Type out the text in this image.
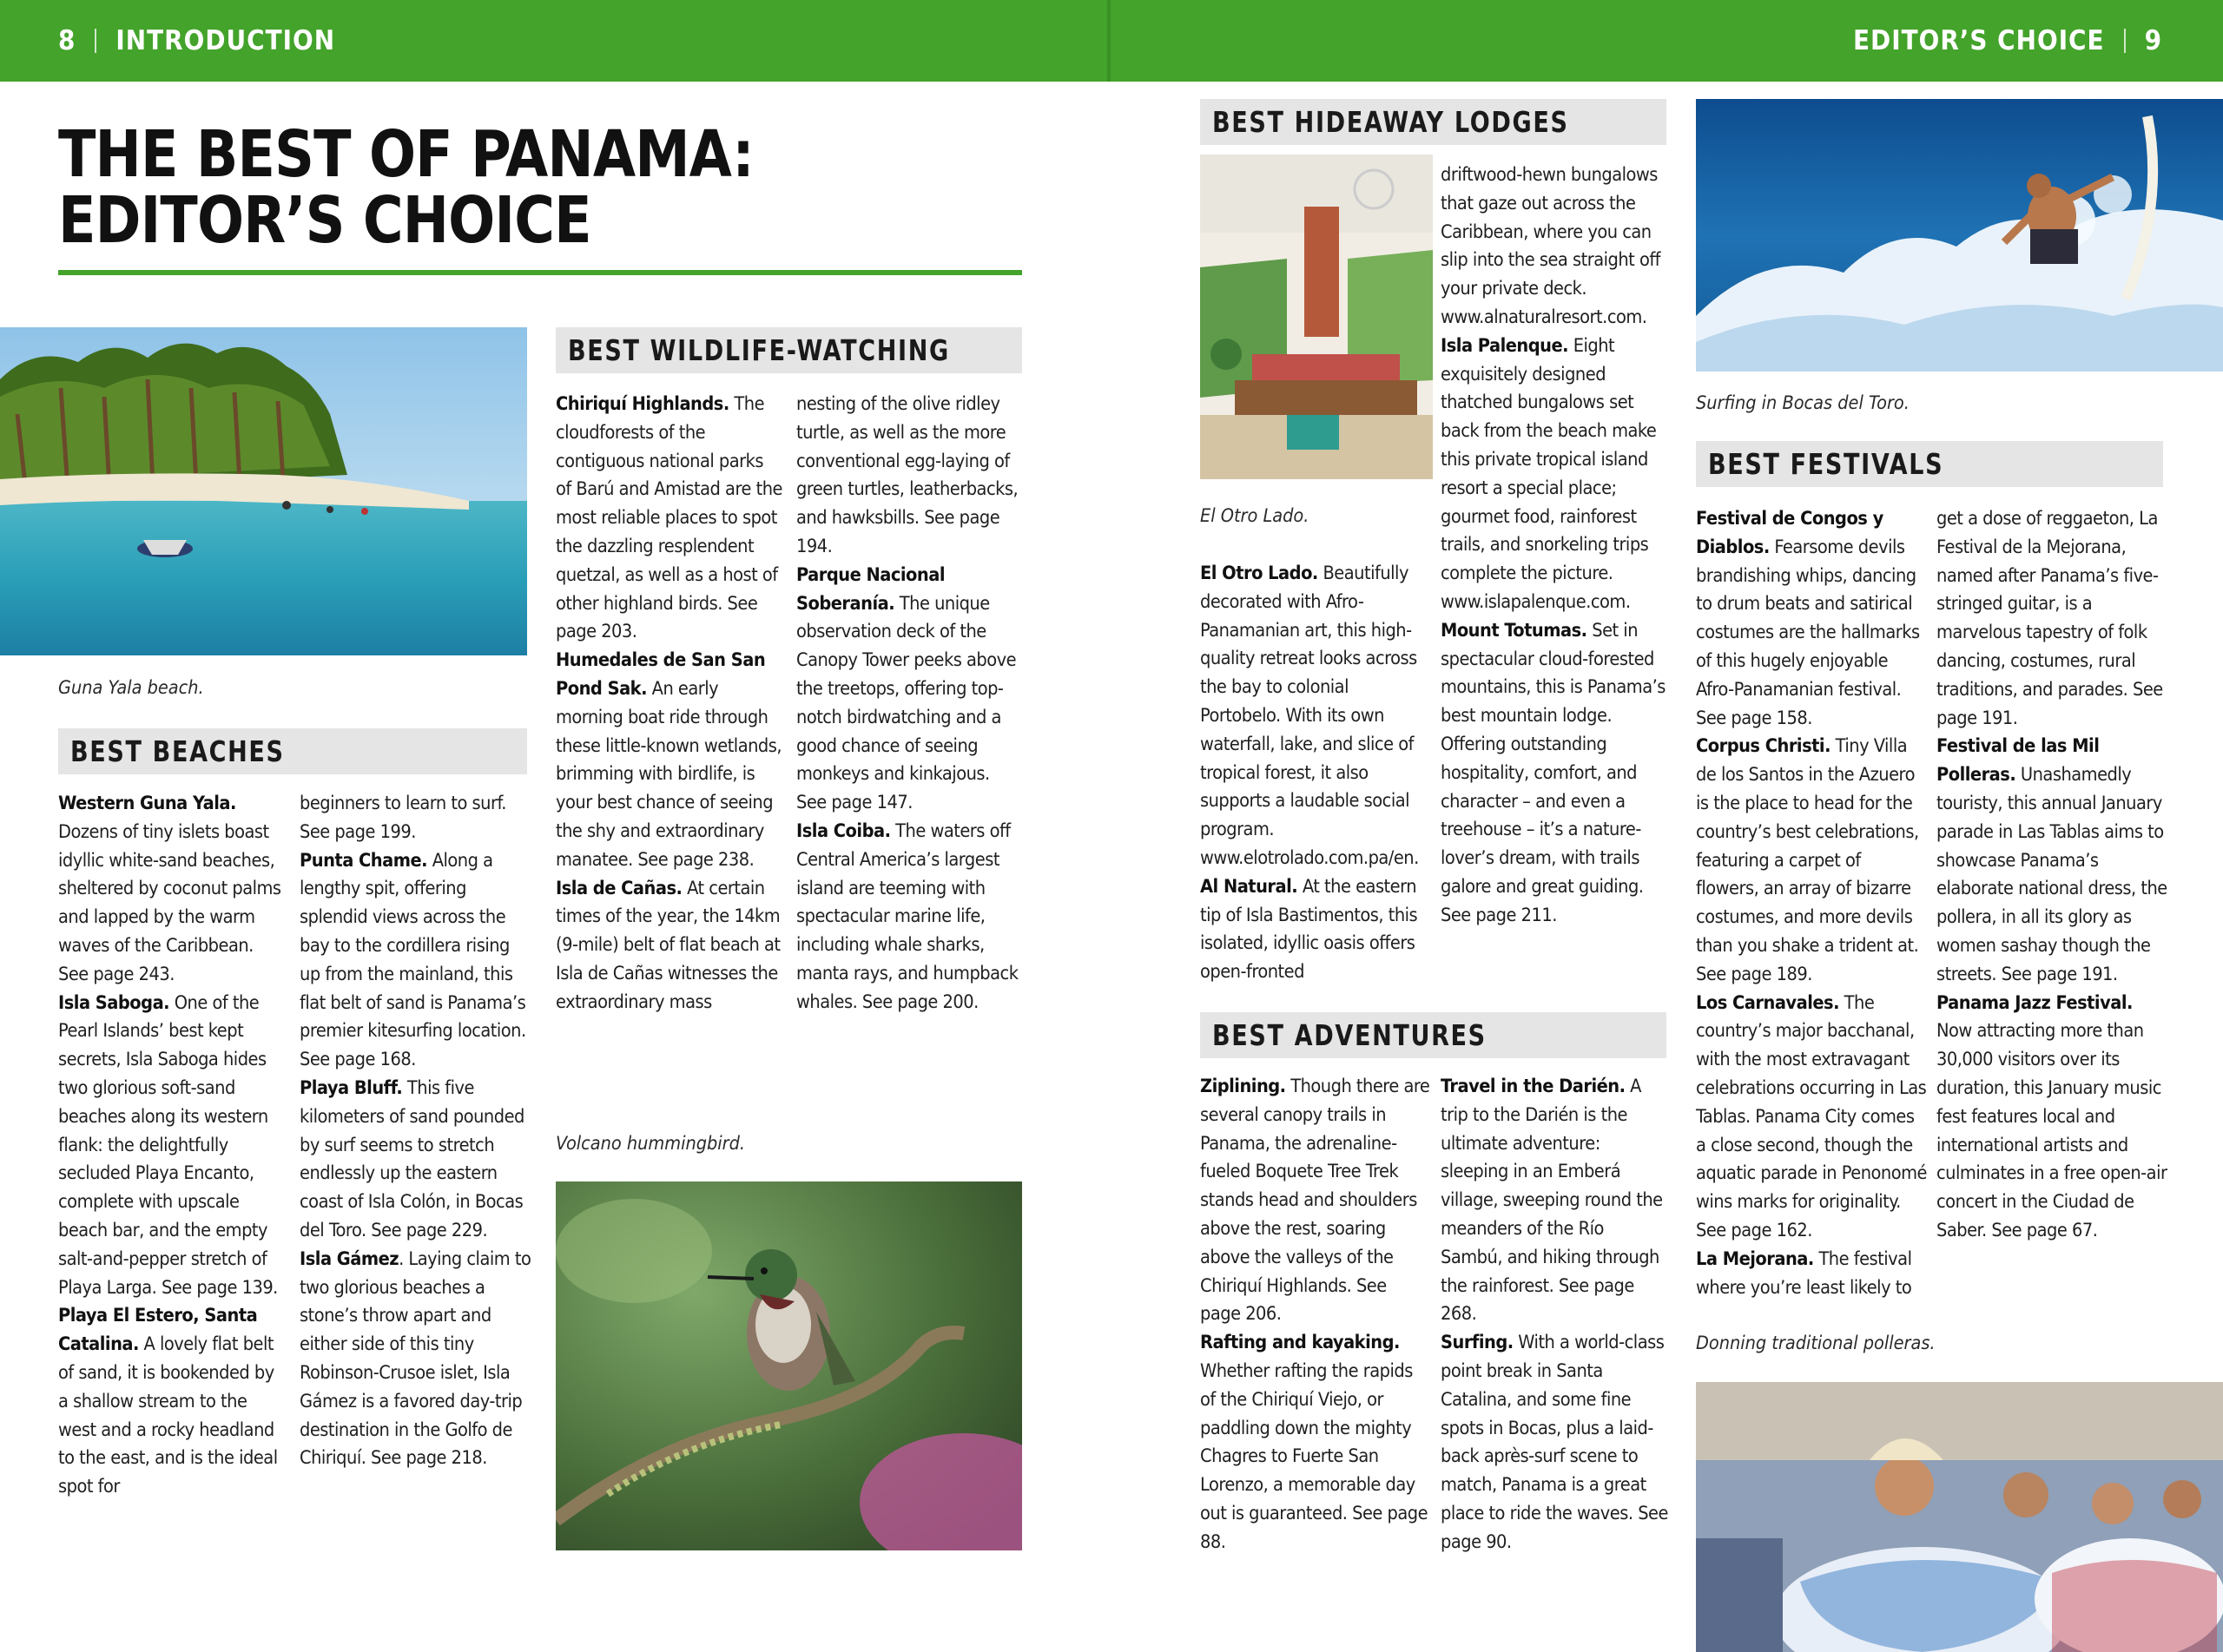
8 INTRODUCTION	EDITOR’S CHOICE 9
THE BEST OF PANAMA:
EDITOR’S CHOICE
Guna Yala beach.
BEST BEACHES
Western Guna Yala. Dozens of tiny islets boast idyllic white-sand beaches, sheltered by coconut palms and lapped by the warm waves of the Caribbean. See page 243.
Isla Saboga. One of the Pearl Islands’ best kept secrets, Isla Saboga hides two glorious soft-sand beaches along its western flank: the delightfully secluded Playa Encanto, complete with upscale beach bar, and the empty salt-and-pepper stretch of Playa Larga. See page 139.
Playa El Estero, Santa Catalina. A lovely flat belt of sand, it is bookended by a shallow stream to the west and a rocky headland to the east, and is the ideal spot for
beginners to learn to surf. See page 199.
Punta Chame. Along a lengthy spit, offering splendid views across the bay to the cordillera rising up from the mainland, this flat belt of sand is Panama’s premier kitesurfing location. See page 168.
Playa Bluff. This five kilometers of sand pounded by surf seems to stretch endlessly up the eastern coast of Isla Colón, in Bocas del Toro. See page 229.
Isla Gámez. Laying claim to two glorious beaches a stone’s throw apart and either side of this tiny Robinson-Crusoe islet, Isla Gámez is a favored day-trip destination in the Golfo de Chiriquí. See page 218.
BEST WILDLIFE-WATCHING
Chiriquí Highlands. The cloudforests of the contiguous national parks of Barú and Amistad are the most reliable places to spot the dazzling resplendent quetzal, as well as a host of other highland birds. See page 203.
Humedales de San San Pond Sak. An early morning boat ride through these little-known wetlands, brimming with birdlife, is your best chance of seeing the shy and extraordinary manatee. See page 238.
Isla de Cañas. At certain times of the year, the 14km (9-mile) belt of flat beach at Isla de Cañas witnesses the extraordinary mass
nesting of the olive ridley turtle, as well as the more conventional egg-laying of green turtles, leatherbacks, and hawksbills. See page 194.
Parque Nacional Soberanía. The unique observation deck of the Canopy Tower peeks above the treetops, offering top-notch birdwatching and a good chance of seeing monkeys and kinkajous. See page 147.
Isla Coiba. The waters off Central America’s largest island are teeming with spectacular marine life, including whale sharks, manta rays, and humpback whales. See page 200.
Volcano hummingbird.
BEST HIDEAWAY LODGES
El Otro Lado.
El Otro Lado. Beautifully decorated with Afro-Panamanian art, this high-quality retreat looks across the bay to colonial Portobelo. With its own waterfall, lake, and slice of tropical forest, it also supports a laudable social program. www.elotrolado.com.pa/en.
Al Natural. At the eastern tip of Isla Bastimentos, this isolated, idyllic oasis offers open-fronted
driftwood-hewn bungalows that gaze out across the Caribbean, where you can slip into the sea straight off your private deck. www.alnaturalresort.com.
Isla Palenque. Eight exquisitely designed thatched bungalows set back from the beach make this private tropical island resort a special place; gourmet food, rainforest trails, and snorkeling trips complete the picture. www.islapalenque.com.
Mount Totumas. Set in spectacular cloud-forested mountains, this is Panama’s best mountain lodge. Offering outstanding hospitality, comfort, and character – and even a treehouse – it’s a nature-lover’s dream, with trails galore and great guiding. See page 211.
BEST ADVENTURES
Ziplining. Though there are several canopy trails in Panama, the adrenaline-fueled Boquete Tree Trek stands head and shoulders above the rest, soaring above the valleys of the Chiriquí Highlands. See page 206.
Rafting and kayaking. Whether rafting the rapids of the Chiriquí Viejo, or paddling down the mighty Chagres to Fuerte San Lorenzo, a memorable day out is guaranteed. See page 88.
Travel in the Darién. A trip to the Darién is the ultimate adventure: sleeping in an Emberá village, sweeping round the meanders of the Río Sambú, and hiking through the rainforest. See page 268.
Surfing. With a world-class point break in Santa Catalina, and some fine spots in Bocas, plus a laid-back après-surf scene to match, Panama is a great place to ride the waves. See page 90.
Surfing in Bocas del Toro.
BEST FESTIVALS
Festival de Congos y Diablos. Fearsome devils brandishing whips, dancing to drum beats and satirical costumes are the hallmarks of this hugely enjoyable Afro-Panamanian festival. See page 158.
Corpus Christi. Tiny Villa de los Santos in the Azuero is the place to head for the country’s best celebrations, featuring a carpet of flowers, an array of bizarre costumes, and more devils than you shake a trident at. See page 189.
Los Carnavales. The country’s major bacchanal, with the most extravagant celebrations occurring in Las Tablas. Panama City comes a close second, though the aquatic parade in Penonomé wins marks for originality. See page 162.
La Mejorana. The festival where you’re least likely to
get a dose of reggaeton, La Festival de la Mejorana, named after Panama’s five-stringed guitar, is a marvelous tapestry of folk dancing, costumes, rural traditions, and parades. See page 191.
Festival de las Mil Polleras. Unashamedly touristy, this annual January parade in Las Tablas aims to showcase Panama’s elaborate national dress, the pollera, in all its glory as women sashay though the streets. See page 191.
Panama Jazz Festival. Now attracting more than 30,000 visitors over its duration, this January music fest features local and international artists and culminates in a free open-air concert in the Ciudad de Saber. See page 67.
Donning traditional polleras.
